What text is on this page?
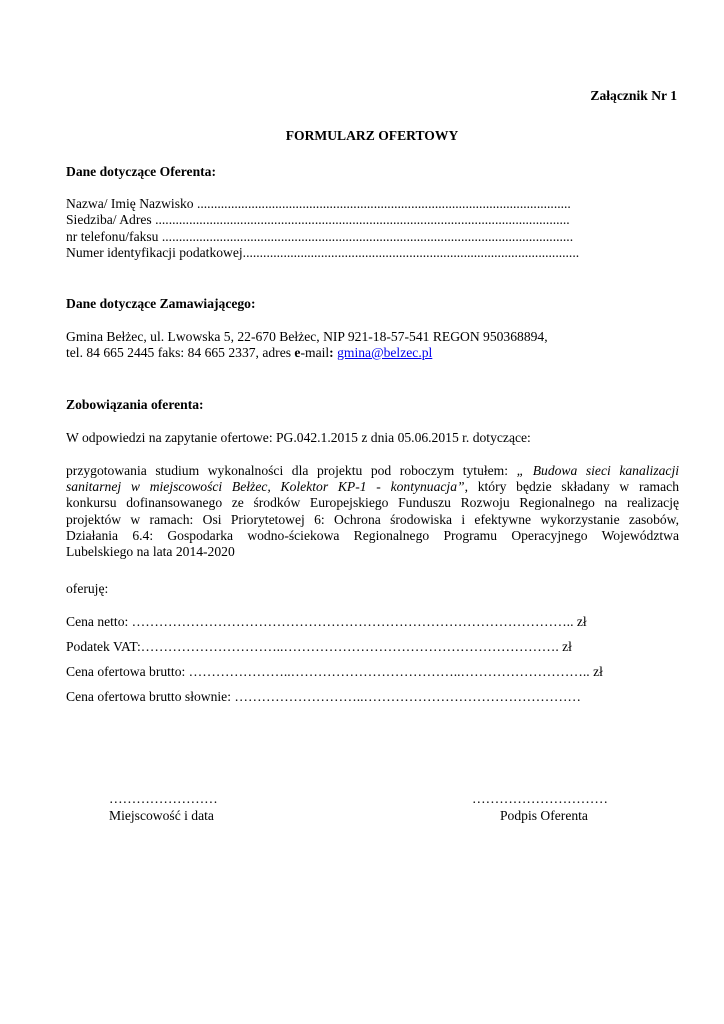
Załącznik Nr 1
FORMULARZ OFERTOWY
Dane dotyczące Oferenta:
Nazwa/ Imię Nazwisko ..............................................................................................................
Siedziba/ Adres ..........................................................................................................................
nr telefonu/faksu .........................................................................................................................
Numer identyfikacji podatkowej...................................................................................................
Dane dotyczące Zamawiającego:
Gmina Bełżec, ul. Lwowska 5, 22-670 Bełżec, NIP 921-18-57-541 REGON 950368894,
tel. 84 665 2445 faks: 84 665 2337, adres e-mail: gmina@belzec.pl
Zobowiązania oferenta:
W odpowiedzi na zapytanie ofertowe: PG.042.1.2015 z dnia 05.06.2015 r. dotyczące:
przygotowania studium wykonalności dla projektu pod roboczym tytułem: „ Budowa sieci kanalizacji
sanitarnej w miejscowości Bełżec, Kolektor KP-1 - kontynuacja”, który będzie składany w ramach
konkursu dofinansowanego ze środków Europejskiego Funduszu Rozwoju Regionalnego na realizację
projektów w ramach: Osi Priorytetowej 6: Ochrona środowiska i efektywne wykorzystanie zasobów,
Działania 6.4: Gospodarka wodno-ściekowa Regionalnego Programu Operacyjnego Województwa
Lubelskiego na lata 2014-2020
oferuję:
Cena netto: …………………………………………………………………………………….. zł
Podatek VAT:…………………………..……………………………………………………. zł
Cena ofertowa brutto: …………………..………………………………..……………………….. zł
Cena ofertowa brutto słownie: ………………………..…………………………………………
……………………
Miejscowość i data
…………………………
Podpis Oferenta
